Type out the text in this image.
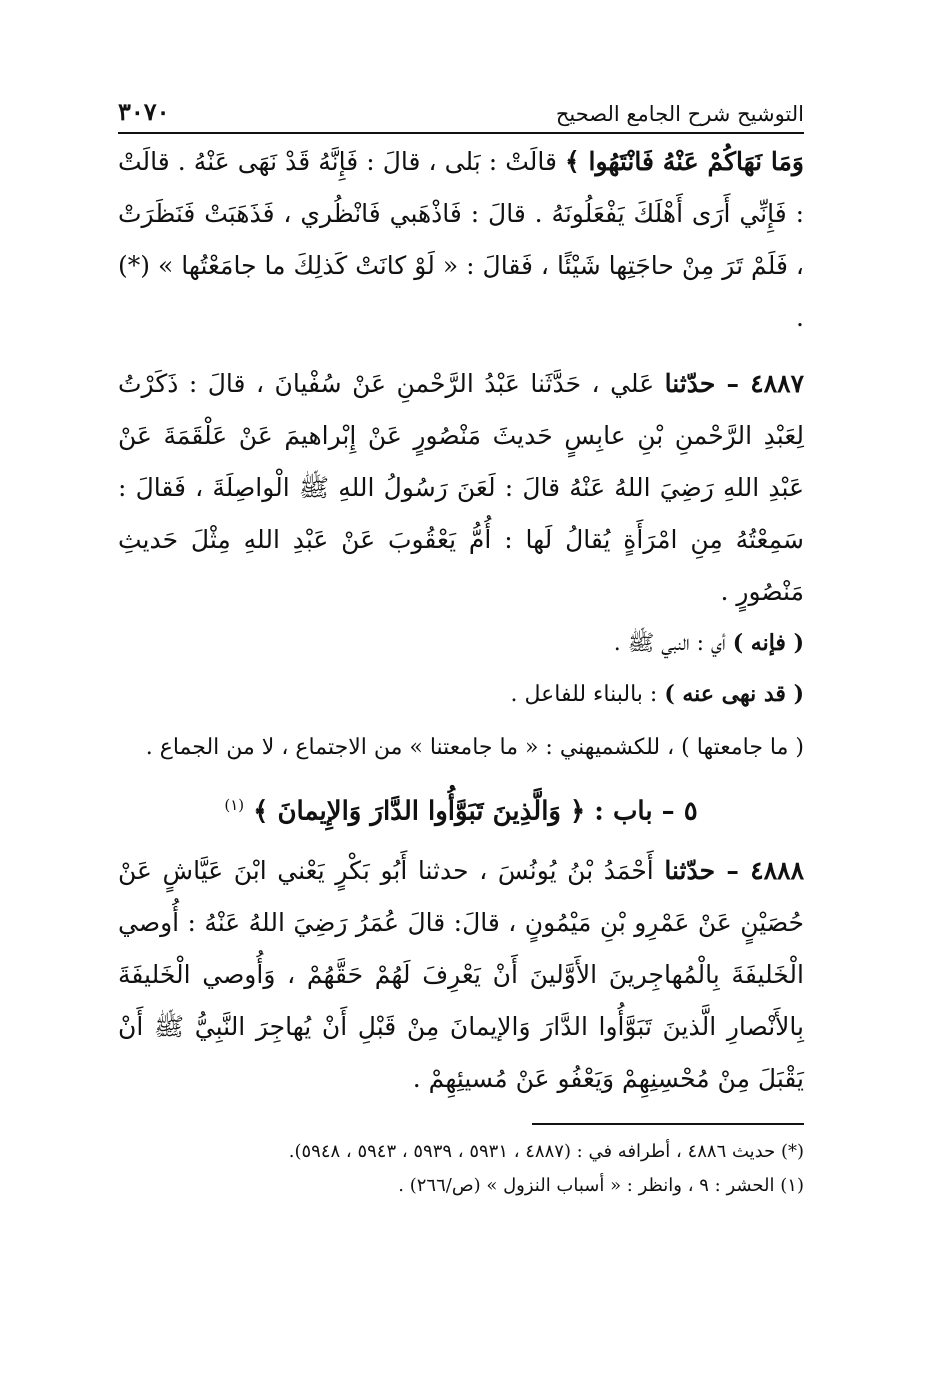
التوشيح شرح الجامع الصحيح
٣٠٧٠

وَمَا نَهَاكُمْ عَنْهُ فَانْتَهُوا ﴾ قالَتْ : بَلى ، قالَ : فَإِنَّهُ قَدْ نَهَى عَنْهُ . قالَتْ : فَإِنِّي أَرَى أَهْلَكَ يَفْعَلُونَهُ . قالَ : فَاذْهَبي فَانْظُري ، فَذَهَبَتْ فَنَظَرَتْ ، فَلَمْ تَرَ مِنْ حاجَتِها شَيْئًا ، فَقالَ : « لَوْ كانَتْ كَذلِكَ ما جامَعْتُها » (*) .

٤٨٨٧ – حدّثنا عَلي ، حَدَّثَنا عَبْدُ الرَّحْمنِ عَنْ سُفْيانَ ، قالَ : ذَكَرْتُ لِعَبْدِ الرَّحْمنِ بْنِ عابِسٍ حَديثَ مَنْصُورٍ عَنْ إِبْراهيمَ عَنْ عَلْقَمَةَ عَنْ عَبْدِ اللهِ رَضِيَ اللهُ عَنْهُ قالَ : لَعَنَ رَسُولُ اللهِ ﷺ الْواصِلَةَ ، فَقالَ : سَمِعْتُهُ مِنِ امْرَأَةٍ يُقالُ لَها : أُمُّ يَعْقُوبَ عَنْ عَبْدِ اللهِ مِثْلَ حَديثِ مَنْصُورٍ .

( فإنه ) أي : النبي ﷺ .

( قد نهى عنه ) : بالبناء للفاعل .

( ما جامعتها ) ، للكشميهني : « ما جامعتنا » من الاجتماع ، لا من الجماع .

٥ – باب : ﴿ وَالَّذِينَ تَبَوَّأُوا الدَّارَ وَالإِيمانَ ﴾ $^{(١)}$

٤٨٨٨ – حدّثنا أَحْمَدُ بْنُ يُونُسَ ، حدثنا أَبُو بَكْرٍ يَعْني ابْنَ عَيَّاشٍ عَنْ حُصَيْنٍ عَنْ عَمْرِو بْنِ مَيْمُونٍ ، قالَ: قالَ عُمَرُ رَضِيَ اللهُ عَنْهُ : أُوصي الْخَليفَةَ بِالْمُهاجِرينَ الأَوَّلينَ أَنْ يَعْرِفَ لَهُمْ حَقَّهُمْ ، وَأُوصي الْخَليفَةَ بِالأَنْصارِ الَّذينَ تَبَوَّأُوا الدَّارَ وَالإيمانَ مِنْ قَبْلِ أَنْ يُهاجِرَ النَّبِيُّ ﷺ أَنْ يَقْبَلَ مِنْ مُحْسِنِهِمْ وَيَعْفُو عَنْ مُسيئِهِمْ .

(*) حديث ٤٨٨٦ ، أطرافه في : (٤٨٨٧ ، ٥٩٣١ ، ٥٩٣٩ ، ٥٩٤٣ ، ٥٩٤٨).

(١) الحشر : ٩ ، وانظر : « أسباب النزول » (ص/٢٦٦) .
